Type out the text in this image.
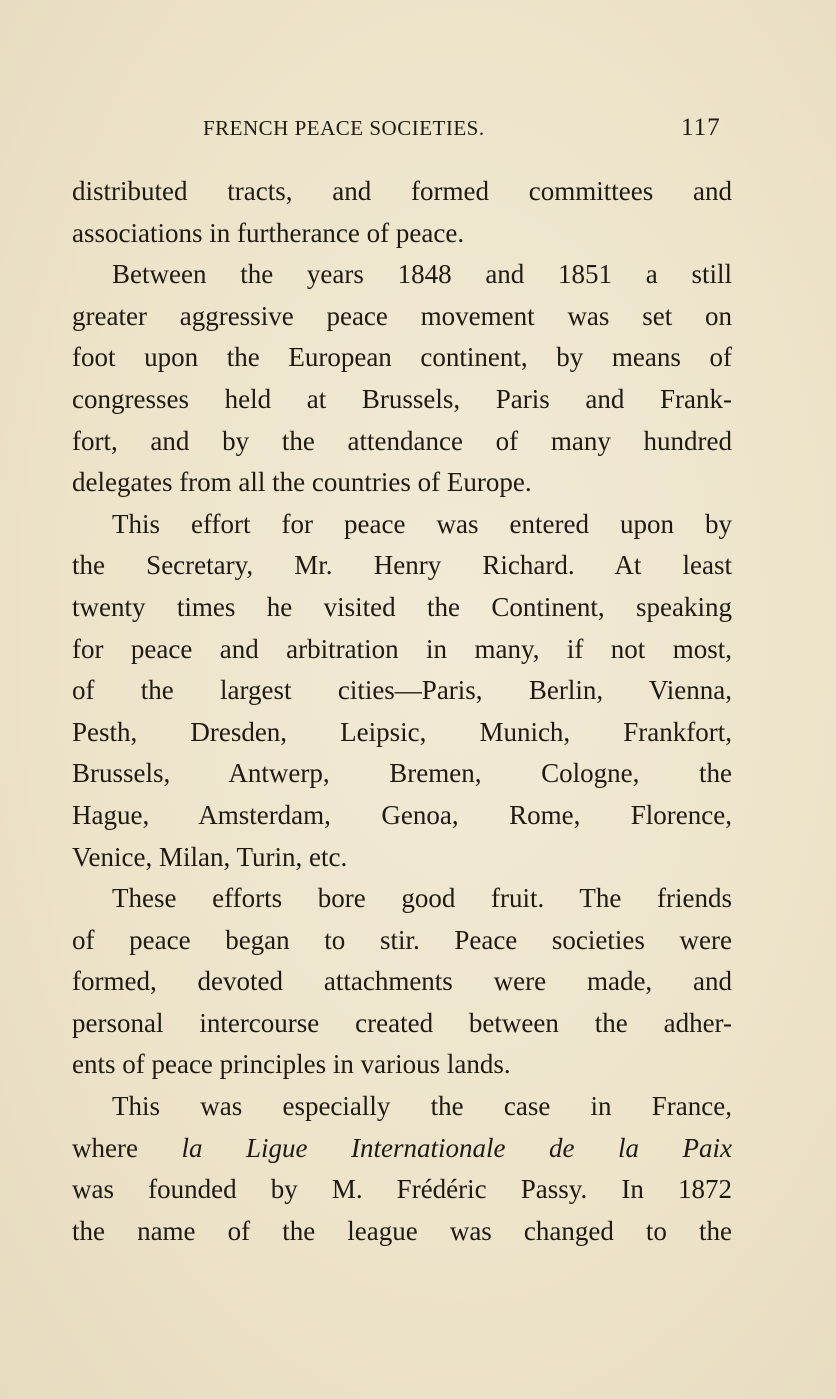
FRENCH PEACE SOCIETIES.	117
distributed tracts, and formed committees and
associations in furtherance of peace.
Between the years 1848 and 1851 a still
greater aggressive peace movement was set on
foot upon the European continent, by means of
congresses held at Brussels, Paris and Frank-
fort, and by the attendance of many hundred
delegates from all the countries of Europe.
This effort for peace was entered upon by
the Secretary, Mr. Henry Richard. At least
twenty times he visited the Continent, speaking
for peace and arbitration in many, if not most,
of the largest cities—Paris, Berlin, Vienna,
Pesth, Dresden, Leipsic, Munich, Frankfort,
Brussels, Antwerp, Bremen, Cologne, the
Hague, Amsterdam, Genoa, Rome, Florence,
Venice, Milan, Turin, etc.
These efforts bore good fruit. The friends
of peace began to stir. Peace societies were
formed, devoted attachments were made, and
personal intercourse created between the adher-
ents of peace principles in various lands.
This was especially the case in France,
where la Ligue Internationale de la Paix
was founded by M. Frédéric Passy. In 1872
the name of the league was changed to the
